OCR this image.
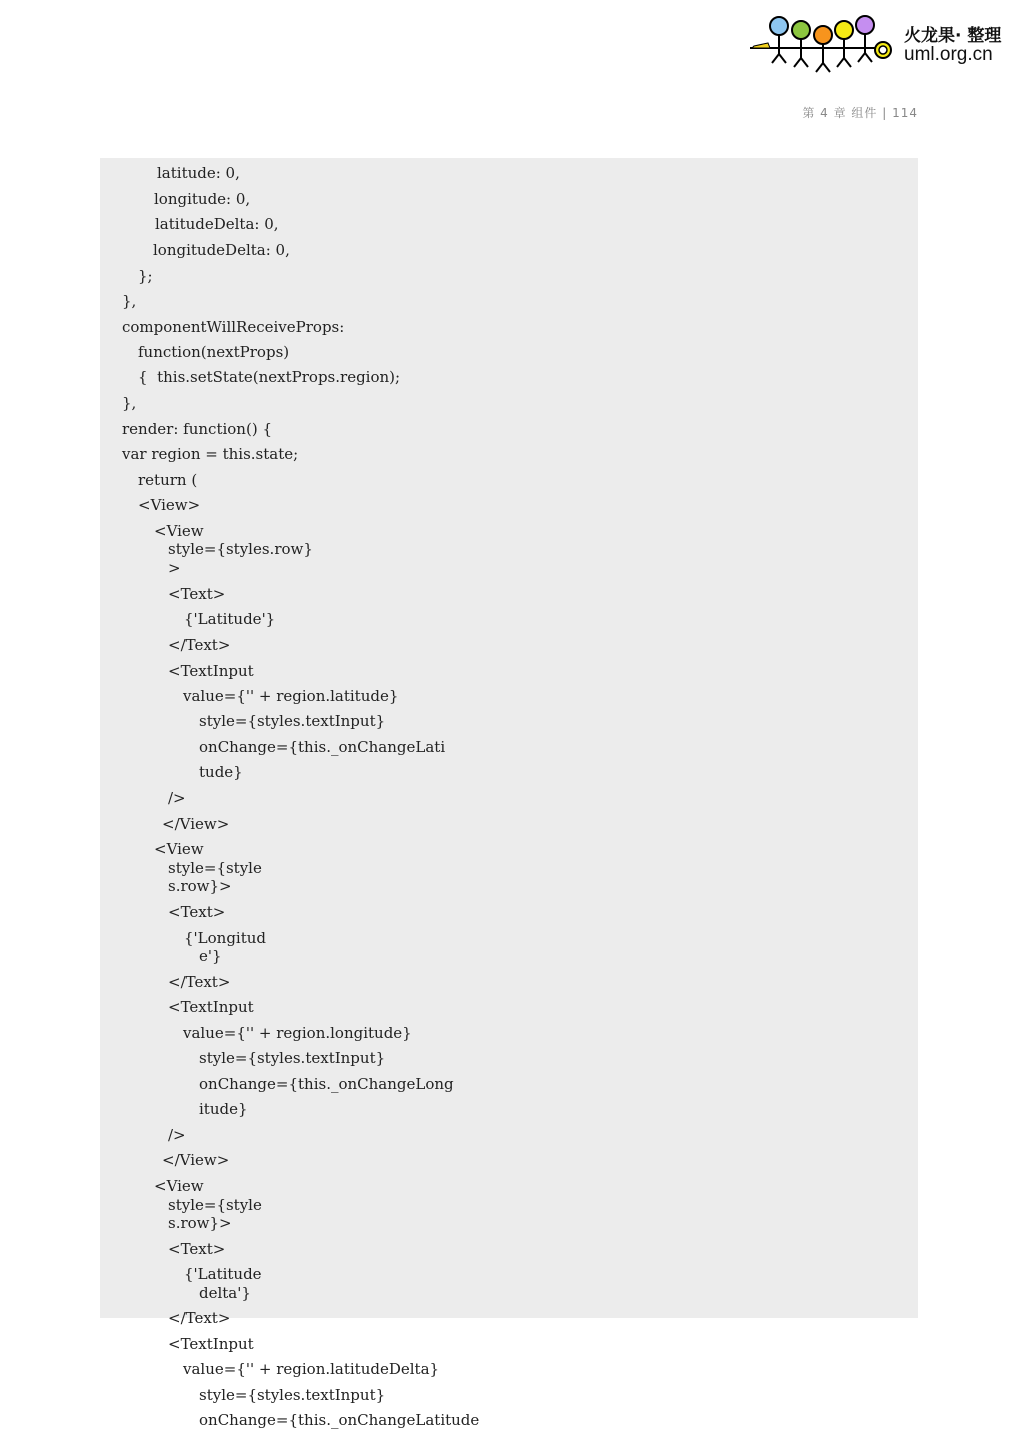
火龙果· 整理
uml.org.cn
第 4 章 组件 | 114
latitude: 0,
longitude: 0,
latitudeDelta: 0,
longitudeDelta: 0,
};
},
componentWillReceiveProps:
function(nextProps)
{  this.setState(nextProps.region);
},
render: function() {
var region = this.state;
return (
<View>
<View
style={styles.row}
>
<Text>
{'Latitude'}
</Text>
<TextInput
value={'' + region.latitude}
style={styles.textInput}
onChange={this._onChangeLati
tude}
/>
</View>
<View
style={style
s.row}>
<Text>
{'Longitud
e'}
</Text>
<TextInput
value={'' + region.longitude}
style={styles.textInput}
onChange={this._onChangeLong
itude}
/>
</View>
<View
style={style
s.row}>
<Text>
{'Latitude
delta'}
</Text>
<TextInput
value={'' + region.latitudeDelta}
style={styles.textInput}
onChange={this._onChangeLatitude
